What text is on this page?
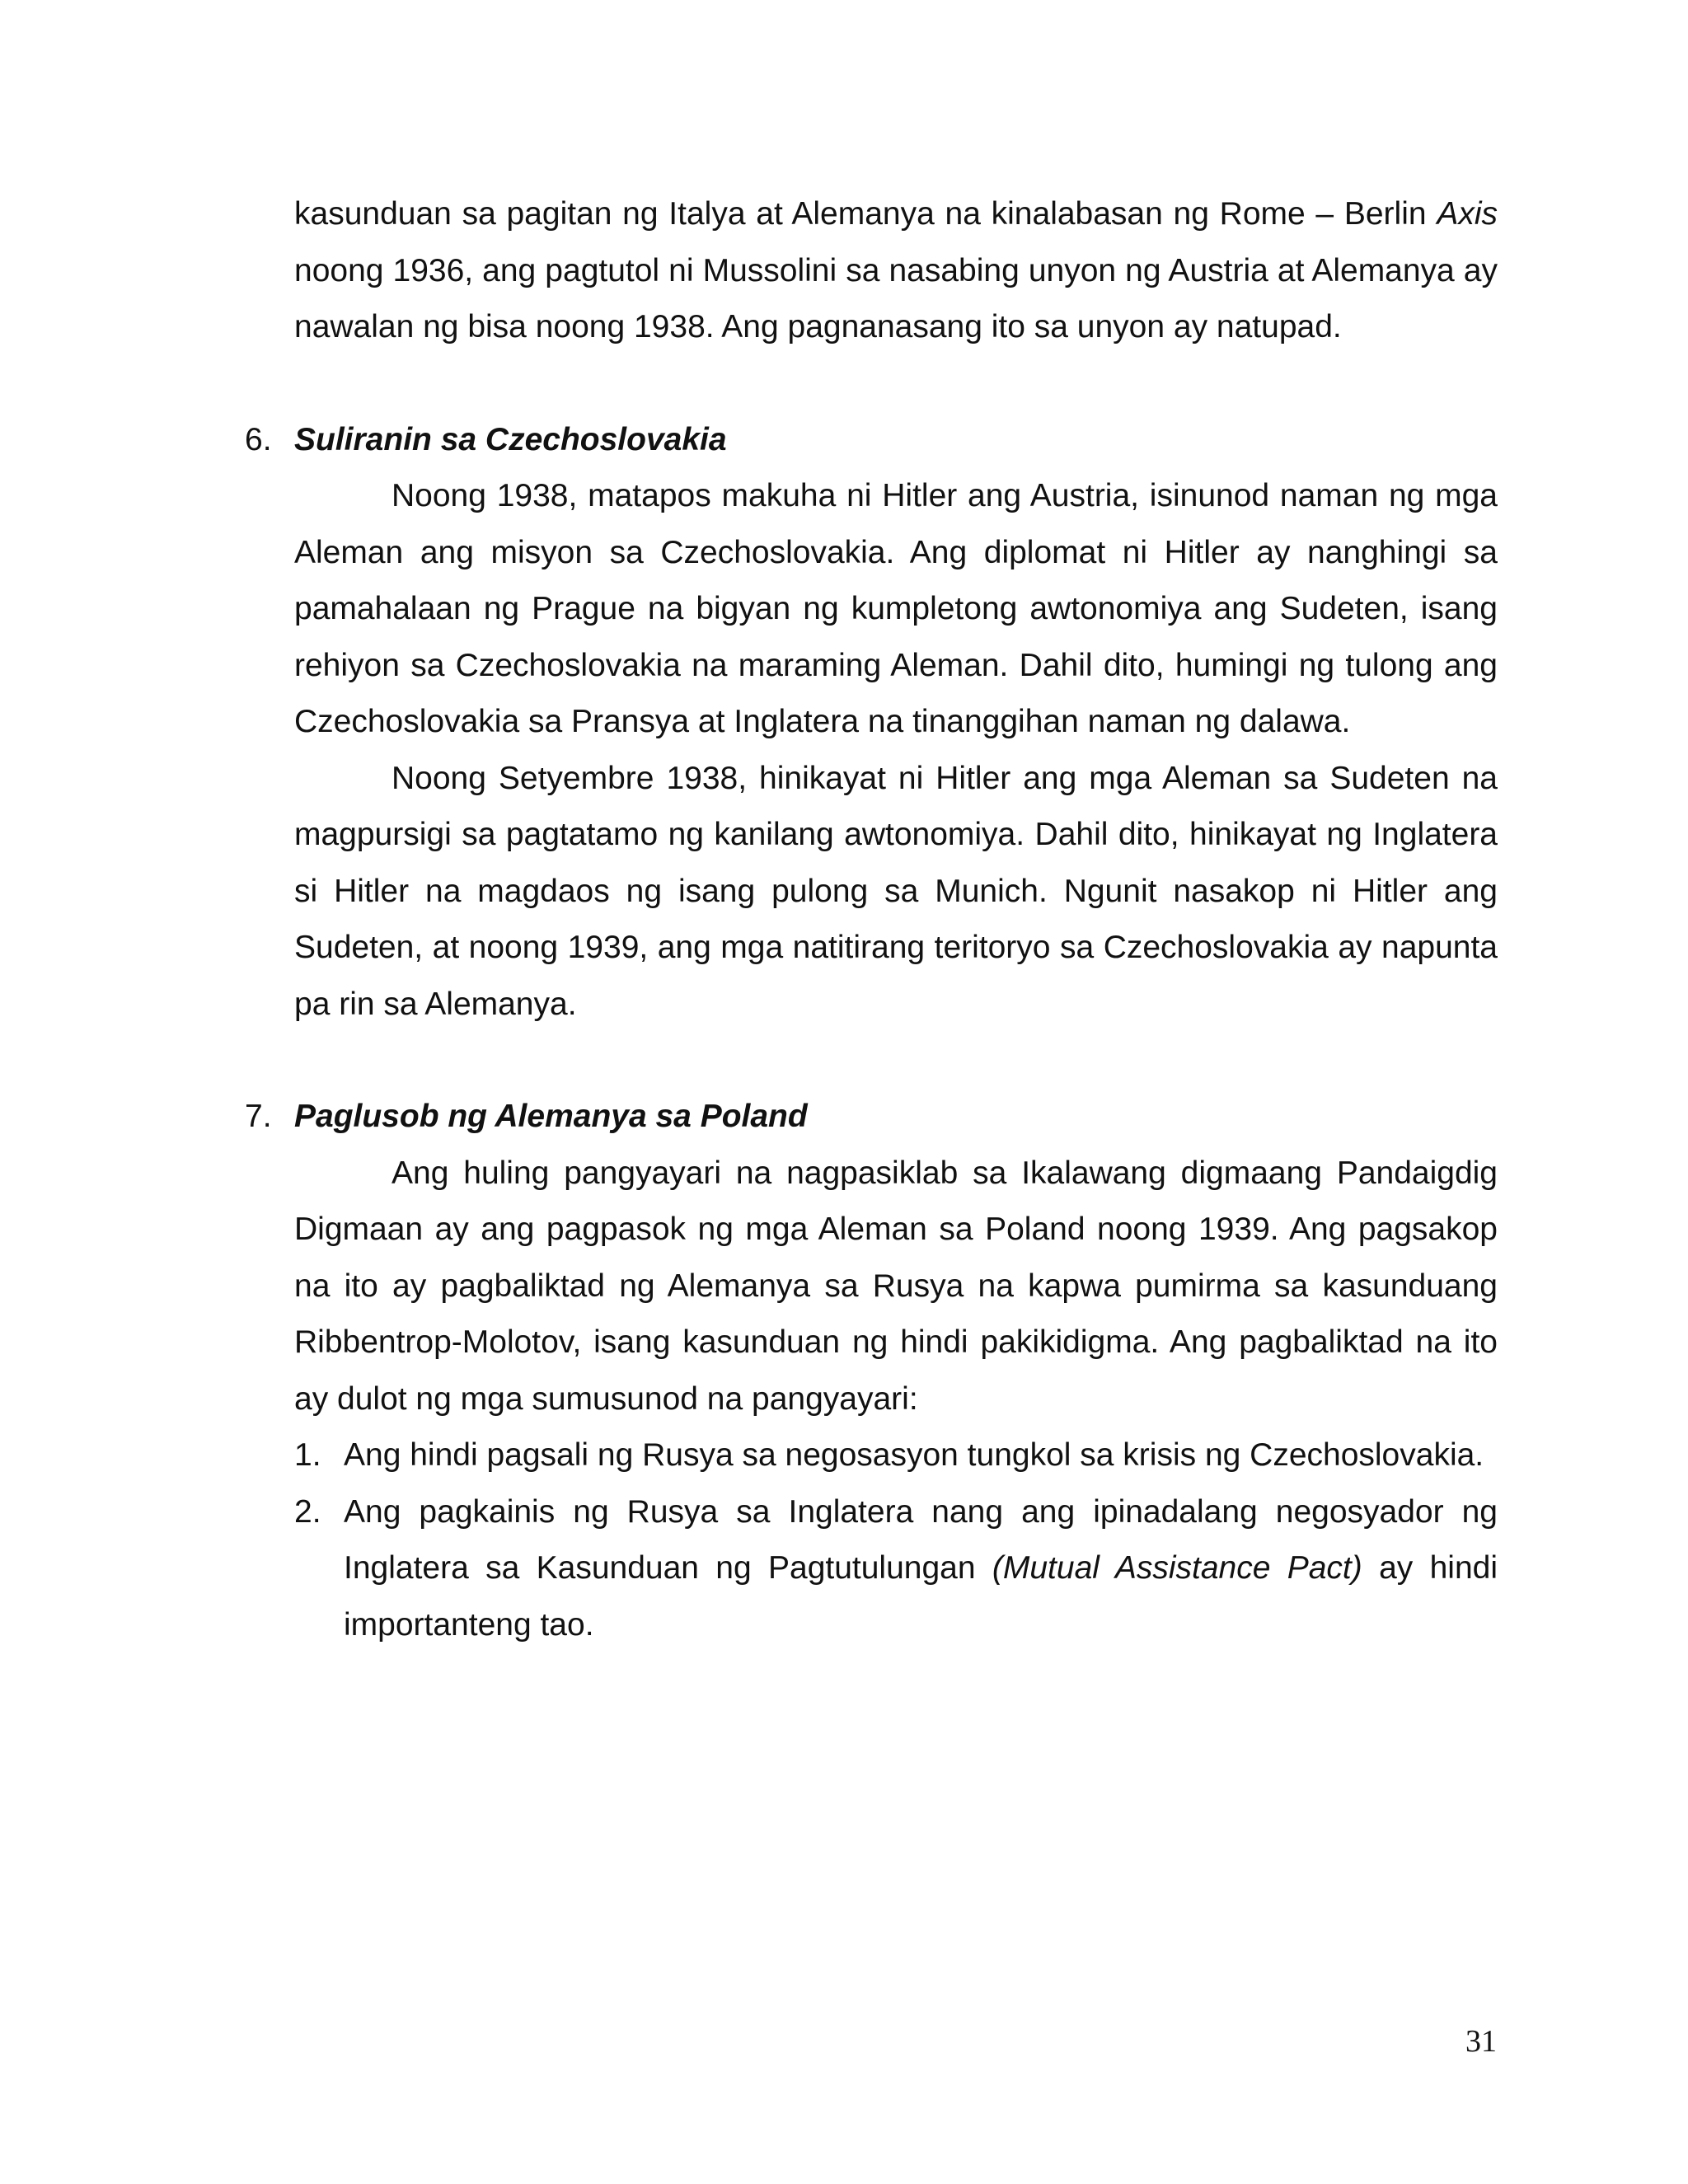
kasunduan sa pagitan ng Italya at Alemanya na kinalabasan ng Rome – Berlin Axis noong 1936, ang pagtutol ni Mussolini sa nasabing unyon ng Austria at Alemanya ay nawalan ng bisa noong 1938. Ang pagnanasang ito sa unyon ay natupad.

6. Suliranin sa Czechoslovakia

Noong 1938, matapos makuha ni Hitler ang Austria, isinunod naman ng mga Aleman ang misyon sa Czechoslovakia. Ang diplomat ni Hitler ay nanghingi sa pamahalaan ng Prague na bigyan ng kumpletong awtonomiya ang Sudeten, isang rehiyon sa Czechoslovakia na maraming Aleman. Dahil dito, humingi ng tulong ang Czechoslovakia sa Pransya at Inglatera na tinanggihan naman ng dalawa.

Noong Setyembre 1938, hinikayat ni Hitler ang mga Aleman sa Sudeten na magpursigi sa pagtatamo ng kanilang awtonomiya. Dahil dito, hinikayat ng Inglatera si Hitler na magdaos ng isang pulong sa Munich. Ngunit nasakop ni Hitler ang Sudeten, at noong 1939, ang mga natitirang teritoryo sa Czechoslovakia ay napunta pa rin sa Alemanya.

7. Paglusob ng Alemanya sa Poland

Ang huling pangyayari na nagpasiklab sa Ikalawang digmaang Pandaigdig Digmaan ay ang pagpasok ng mga Aleman sa Poland noong 1939. Ang pagsakop na ito ay pagbaliktad ng Alemanya sa Rusya na kapwa pumirma sa kasunduang Ribbentrop-Molotov, isang kasunduan ng hindi pakikidigma. Ang pagbaliktad na ito ay dulot ng mga sumusunod na pangyayari:

1. Ang hindi pagsali ng Rusya sa negosasyon tungkol sa krisis ng Czechoslovakia.
2. Ang pagkainis ng Rusya sa Inglatera nang ang ipinadalang negosyador ng Inglatera sa Kasunduan ng Pagtutulungan (Mutual Assistance Pact) ay hindi importanteng tao.
31
